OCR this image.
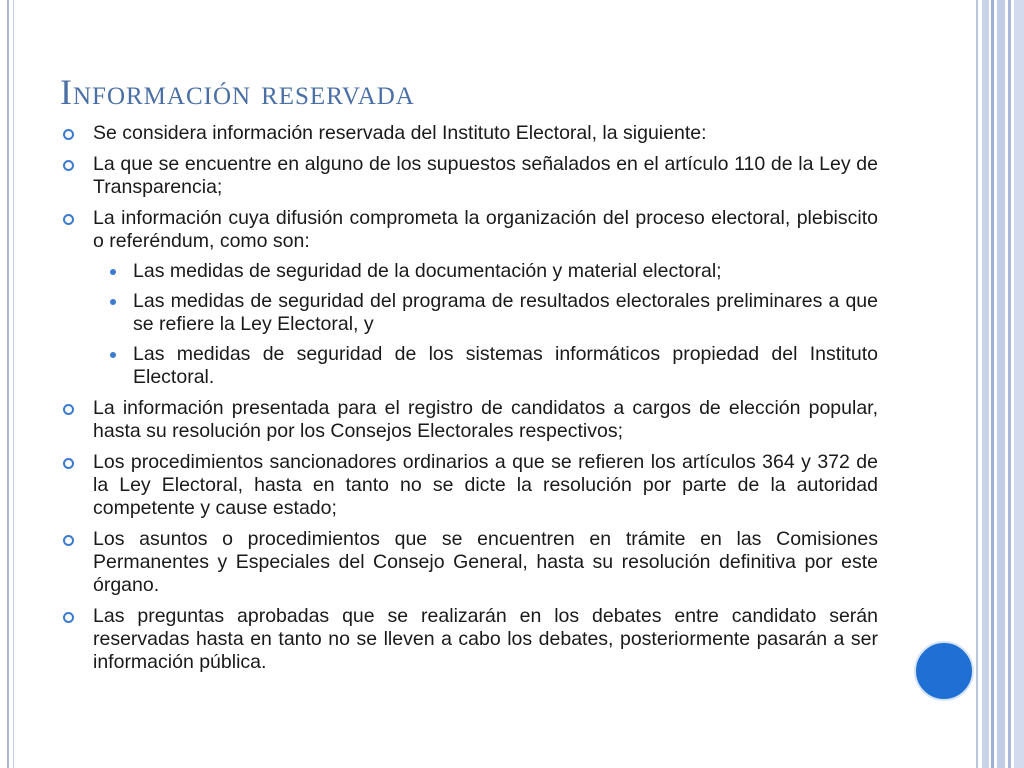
Información reservada
Se considera información reservada del Instituto Electoral, la siguiente:
La que se encuentre en alguno de los supuestos señalados en el artículo 110 de la Ley de Transparencia;
La información cuya difusión comprometa la organización del proceso electoral, plebiscito o referéndum, como son:
Las medidas de seguridad de la documentación y material electoral;
Las medidas de seguridad del programa de resultados electorales preliminares a que se refiere la Ley Electoral, y
Las medidas de seguridad de los sistemas informáticos propiedad del Instituto Electoral.
La información presentada para el registro de candidatos a cargos de elección popular, hasta su resolución por los Consejos Electorales respectivos;
Los procedimientos sancionadores ordinarios a que se refieren los artículos 364 y 372 de la Ley Electoral, hasta en tanto no se dicte la resolución por parte de la autoridad competente y cause estado;
Los asuntos o procedimientos que se encuentren en trámite en las Comisiones Permanentes y Especiales del Consejo General, hasta su resolución definitiva por este órgano.
Las preguntas aprobadas que se realizarán en los debates entre candidato serán reservadas hasta en tanto no se lleven a cabo los debates, posteriormente pasarán a ser información pública.
